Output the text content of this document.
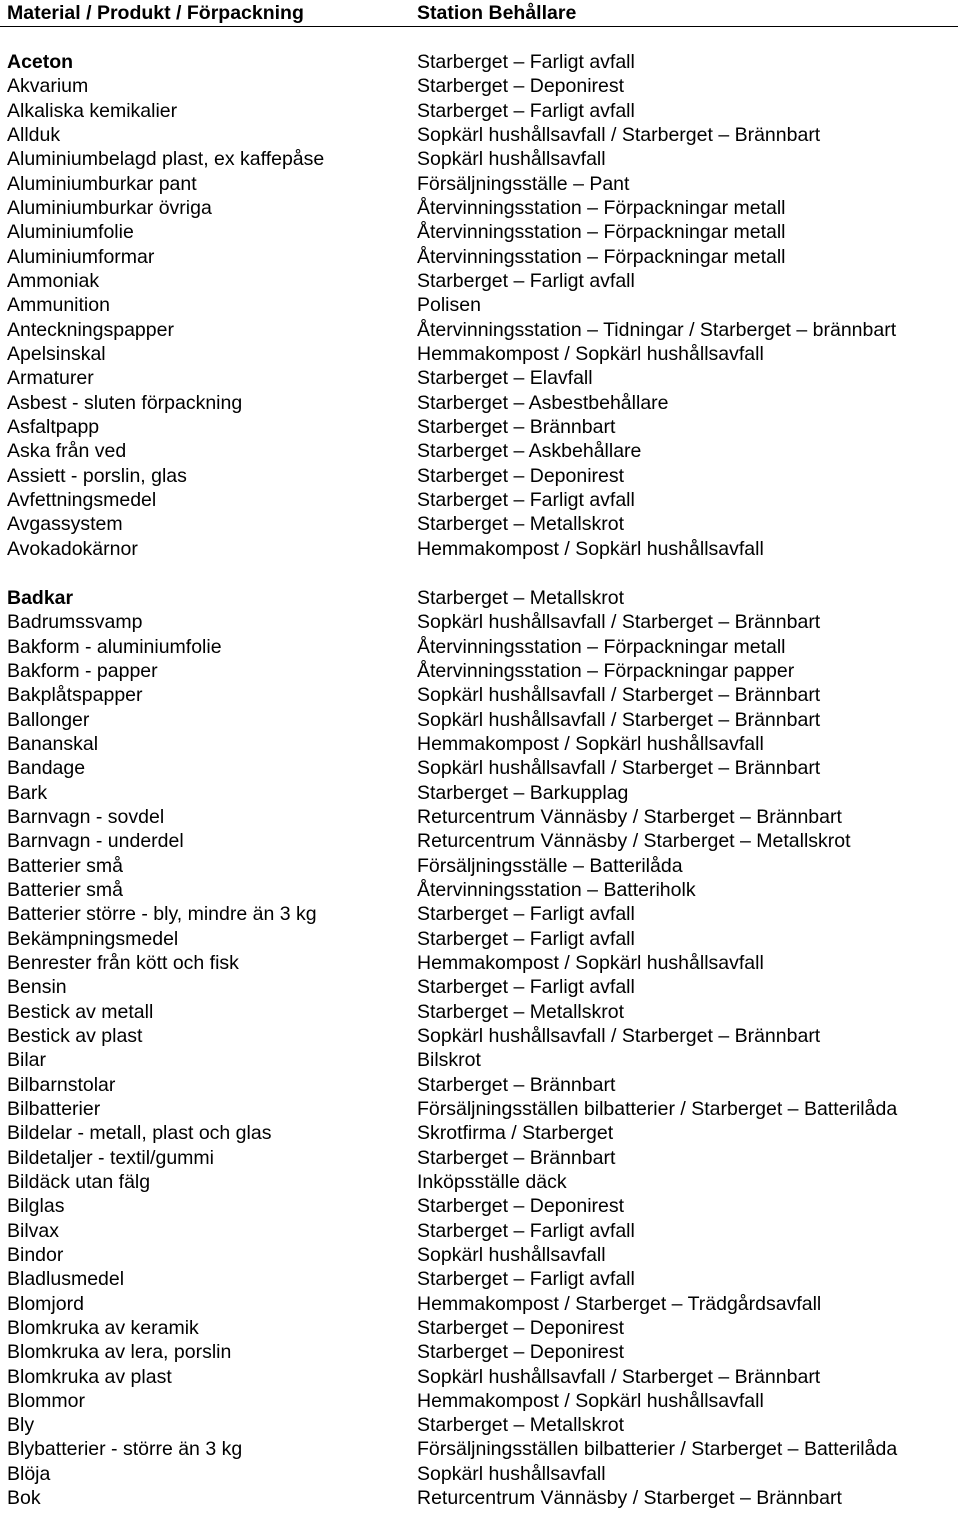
Material / Produkt / Förpackning	Station Behållare
Aceton	Starberget – Farligt avfall
Akvarium	Starberget – Deponirest
Alkaliska kemikalier	Starberget – Farligt avfall
Allduk	Sopkärl hushållsavfall / Starberget – Brännbart
Aluminiumbelagd plast, ex kaffepåse	Sopkärl hushållsavfall
Aluminiumburkar pant	Försäljningsställe – Pant
Aluminiumburkar övriga	Återvinningsstation – Förpackningar metall
Aluminiumfolie	Återvinningsstation – Förpackningar metall
Aluminiumformar	Återvinningsstation – Förpackningar metall
Ammoniak	Starberget – Farligt avfall
Ammunition	Polisen
Anteckningspapper	Återvinningsstation – Tidningar / Starberget – brännbart
Apelsinskal	Hemmakompost / Sopkärl hushållsavfall
Armaturer	Starberget – Elavfall
Asbest - sluten förpackning	Starberget – Asbestbehållare
Asfaltpapp	Starberget – Brännbart
Aska från ved	Starberget – Askbehållare
Assiett - porslin, glas	Starberget – Deponirest
Avfettningsmedel	Starberget – Farligt avfall
Avgassystem	Starberget – Metallskrot
Avokadokärnor	Hemmakompost / Sopkärl hushållsavfall
Badkar	Starberget – Metallskrot
Badrumssvamp	Sopkärl hushållsavfall / Starberget – Brännbart
Bakform - aluminiumfolie	Återvinningsstation – Förpackningar metall
Bakform - papper	Återvinningsstation – Förpackningar papper
Bakplåtspapper	Sopkärl hushållsavfall / Starberget – Brännbart
Ballonger	Sopkärl hushållsavfall / Starberget – Brännbart
Bananskal	Hemmakompost / Sopkärl hushållsavfall
Bandage	Sopkärl hushållsavfall / Starberget – Brännbart
Bark	Starberget – Barkupplag
Barnvagn - sovdel	Returcentrum Vännäsby / Starberget – Brännbart
Barnvagn - underdel	Returcentrum Vännäsby / Starberget – Metallskrot
Batterier små	Försäljningsställe – Batterilåda
Batterier små	Återvinningsstation – Batteriholk
Batterier större - bly, mindre än 3 kg	Starberget – Farligt avfall
Bekämpningsmedel	Starberget – Farligt avfall
Benrester från kött och fisk	Hemmakompost / Sopkärl hushållsavfall
Bensin	Starberget – Farligt avfall
Bestick av metall	Starberget – Metallskrot
Bestick av plast	Sopkärl hushållsavfall / Starberget – Brännbart
Bilar	Bilskrot
Bilbarnstolar	Starberget – Brännbart
Bilbatterier	Försäljningsställen bilbatterier / Starberget – Batterilåda
Bildelar - metall, plast och glas	Skrotfirma / Starberget
Bildetaljer - textil/gummi	Starberget – Brännbart
Bildäck utan fälg	Inköpsställe däck
Bilglas	Starberget – Deponirest
Bilvax	Starberget – Farligt avfall
Bindor	Sopkärl hushållsavfall
Bladlusmedel	Starberget – Farligt avfall
Blomjord	Hemmakompost / Starberget – Trädgårdsavfall
Blomkruka av keramik	Starberget – Deponirest
Blomkruka av lera, porslin	Starberget – Deponirest
Blomkruka av plast	Sopkärl hushållsavfall / Starberget – Brännbart
Blommor	Hemmakompost / Sopkärl hushållsavfall
Bly	Starberget – Metallskrot
Blybatterier - större än 3 kg	Försäljningsställen bilbatterier / Starberget – Batterilåda
Blöja	Sopkärl hushållsavfall
Bok	Returcentrum Vännäsby / Starberget – Brännbart
